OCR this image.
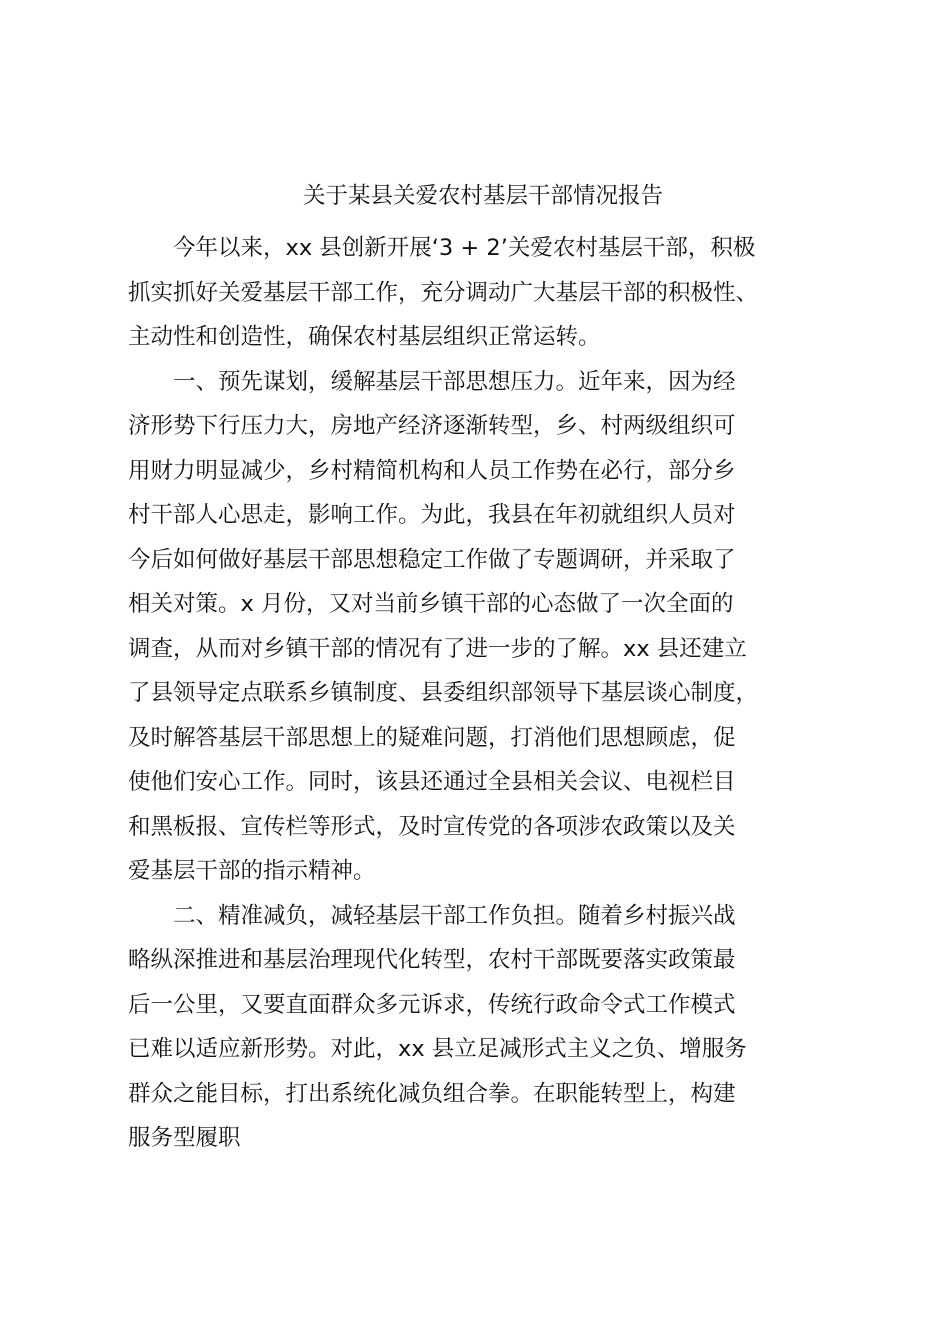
关于某县关爱农村基层干部情况报告
　　今年以来，xx 县创新开展‘3 + 2’关爱农村基层干部，积极
抓实抓好关爱基层干部工作，充分调动广大基层干部的积极性、
主动性和创造性，确保农村基层组织正常运转。
　　一、预先谋划，缓解基层干部思想压力。近年来，因为经
济形势下行压力大，房地产经济逐渐转型，乡、村两级组织可
用财力明显减少，乡村精简机构和人员工作势在必行，部分乡
村干部人心思走，影响工作。为此，我县在年初就组织人员对
今后如何做好基层干部思想稳定工作做了专题调研，并采取了
相关对策。x 月份，又对当前乡镇干部的心态做了一次全面的
调查，从而对乡镇干部的情况有了进一步的了解。xx 县还建立
了县领导定点联系乡镇制度、县委组织部领导下基层谈心制度，
及时解答基层干部思想上的疑难问题，打消他们思想顾虑，促
使他们安心工作。同时，该县还通过全县相关会议、电视栏目
和黑板报、宣传栏等形式，及时宣传党的各项涉农政策以及关
爱基层干部的指示精神。
　　二、精准减负，减轻基层干部工作负担。随着乡村振兴战
略纵深推进和基层治理现代化转型，农村干部既要落实政策最
后一公里，又要直面群众多元诉求，传统行政命令式工作模式
已难以适应新形势。对此，xx 县立足减形式主义之负、增服务
群众之能目标，打出系统化减负组合拳。在职能转型上，构建
服务型履职
